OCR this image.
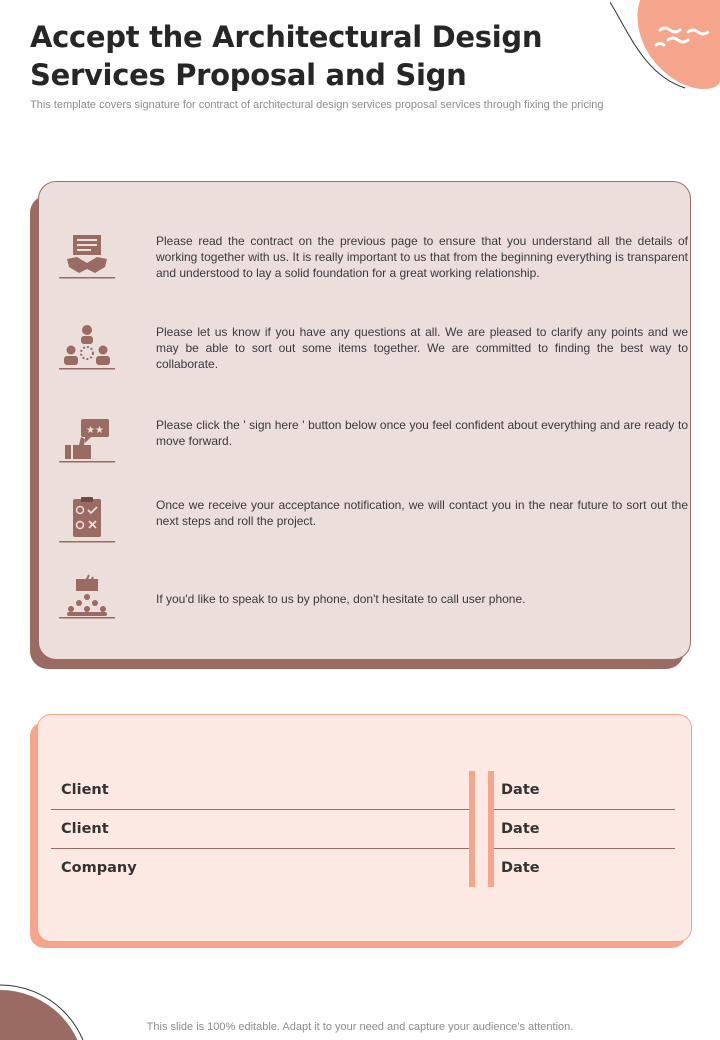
Accept the Architectural Design
Services Proposal and Sign
This template covers signature for contract of architectural design services proposal services through fixing the pricing
Please read the contract on the previous page to ensure that you understand all the details of working together with us. It is really important to us that from the beginning everything is transparent and understood to lay a solid foundation for a great working relationship.
Please let us know if you have any questions at all. We are pleased to clarify any points and we may be able to sort out some items together. We are committed to finding the best way to collaborate.
★★	Please click the ' sign here ' button below once you feel confident about everything and are ready to move forward.
Once we receive your acceptance notification, we will contact you in the near future to sort out the next steps and roll the project.
If you'd like to speak to us by phone, don't hesitate to call user phone.
Client
Client
Company
Date
Date
Date
This slide is 100% editable. Adapt it to your need and capture your audience’s attention.
